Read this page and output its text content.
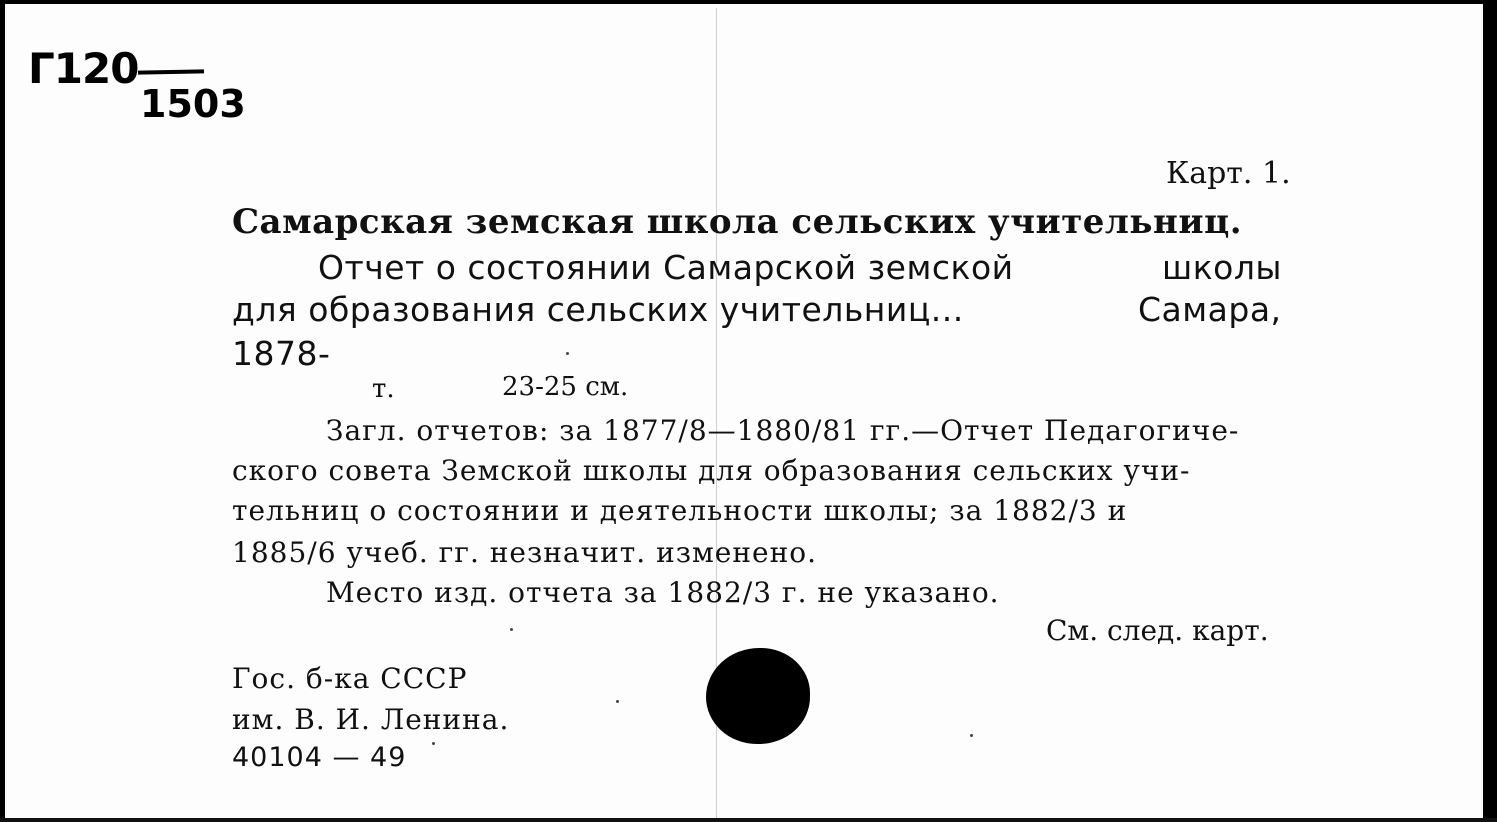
Г120
1503
Карт. 1.
Самарская земская школа сельских учительниц.
Отчет о состоянии Самарской земской	школы
для образования сельских учительниц...	Самара,
1878-
т.	23-25 см.
Загл. отчетов: за 1877/8—1880/81 гг.—Отчет Педагогиче-
ского совета Земской школы для образования сельских учи-
тельниц о состоянии и деятельности школы; за 1882/3 и
1885/6 учеб. гг. незначит. изменено.
Место изд. отчета за 1882/3 г. не указано.
См. след. карт.
Гос. б-ка СССР
им. В. И. Ленина.
40104 — 49
